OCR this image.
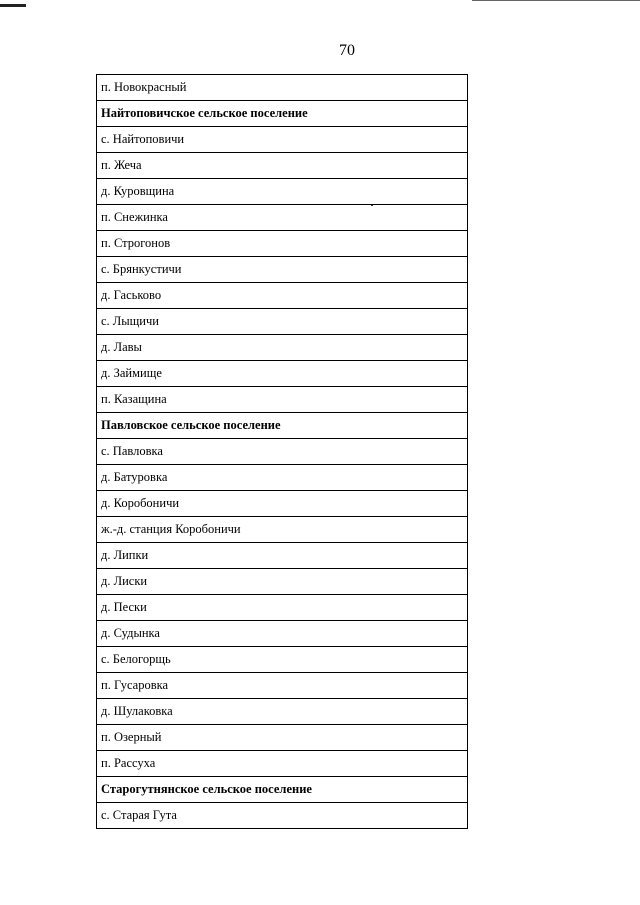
70
п. Новокрасный
Найтоповичское сельское поселение
с. Найтоповичи
п. Жеча
д. Куровщина
п. Снежинка
п. Строгонов
с. Брянкустичи
д. Гаськово
с. Лыщичи
д. Лавы
д. Займище
п. Казащина
Павловское сельское поселение
с. Павловка
д. Батуровка
д. Коробоничи
ж.-д. станция Коробоничи
д. Липки
д. Лиски
д. Пески
д. Судынка
с. Белогорщь
п. Гусаровка
д. Шулаковка
п. Озерный
п. Рассуха
Старогутнянское сельское поселение
с. Старая Гута
